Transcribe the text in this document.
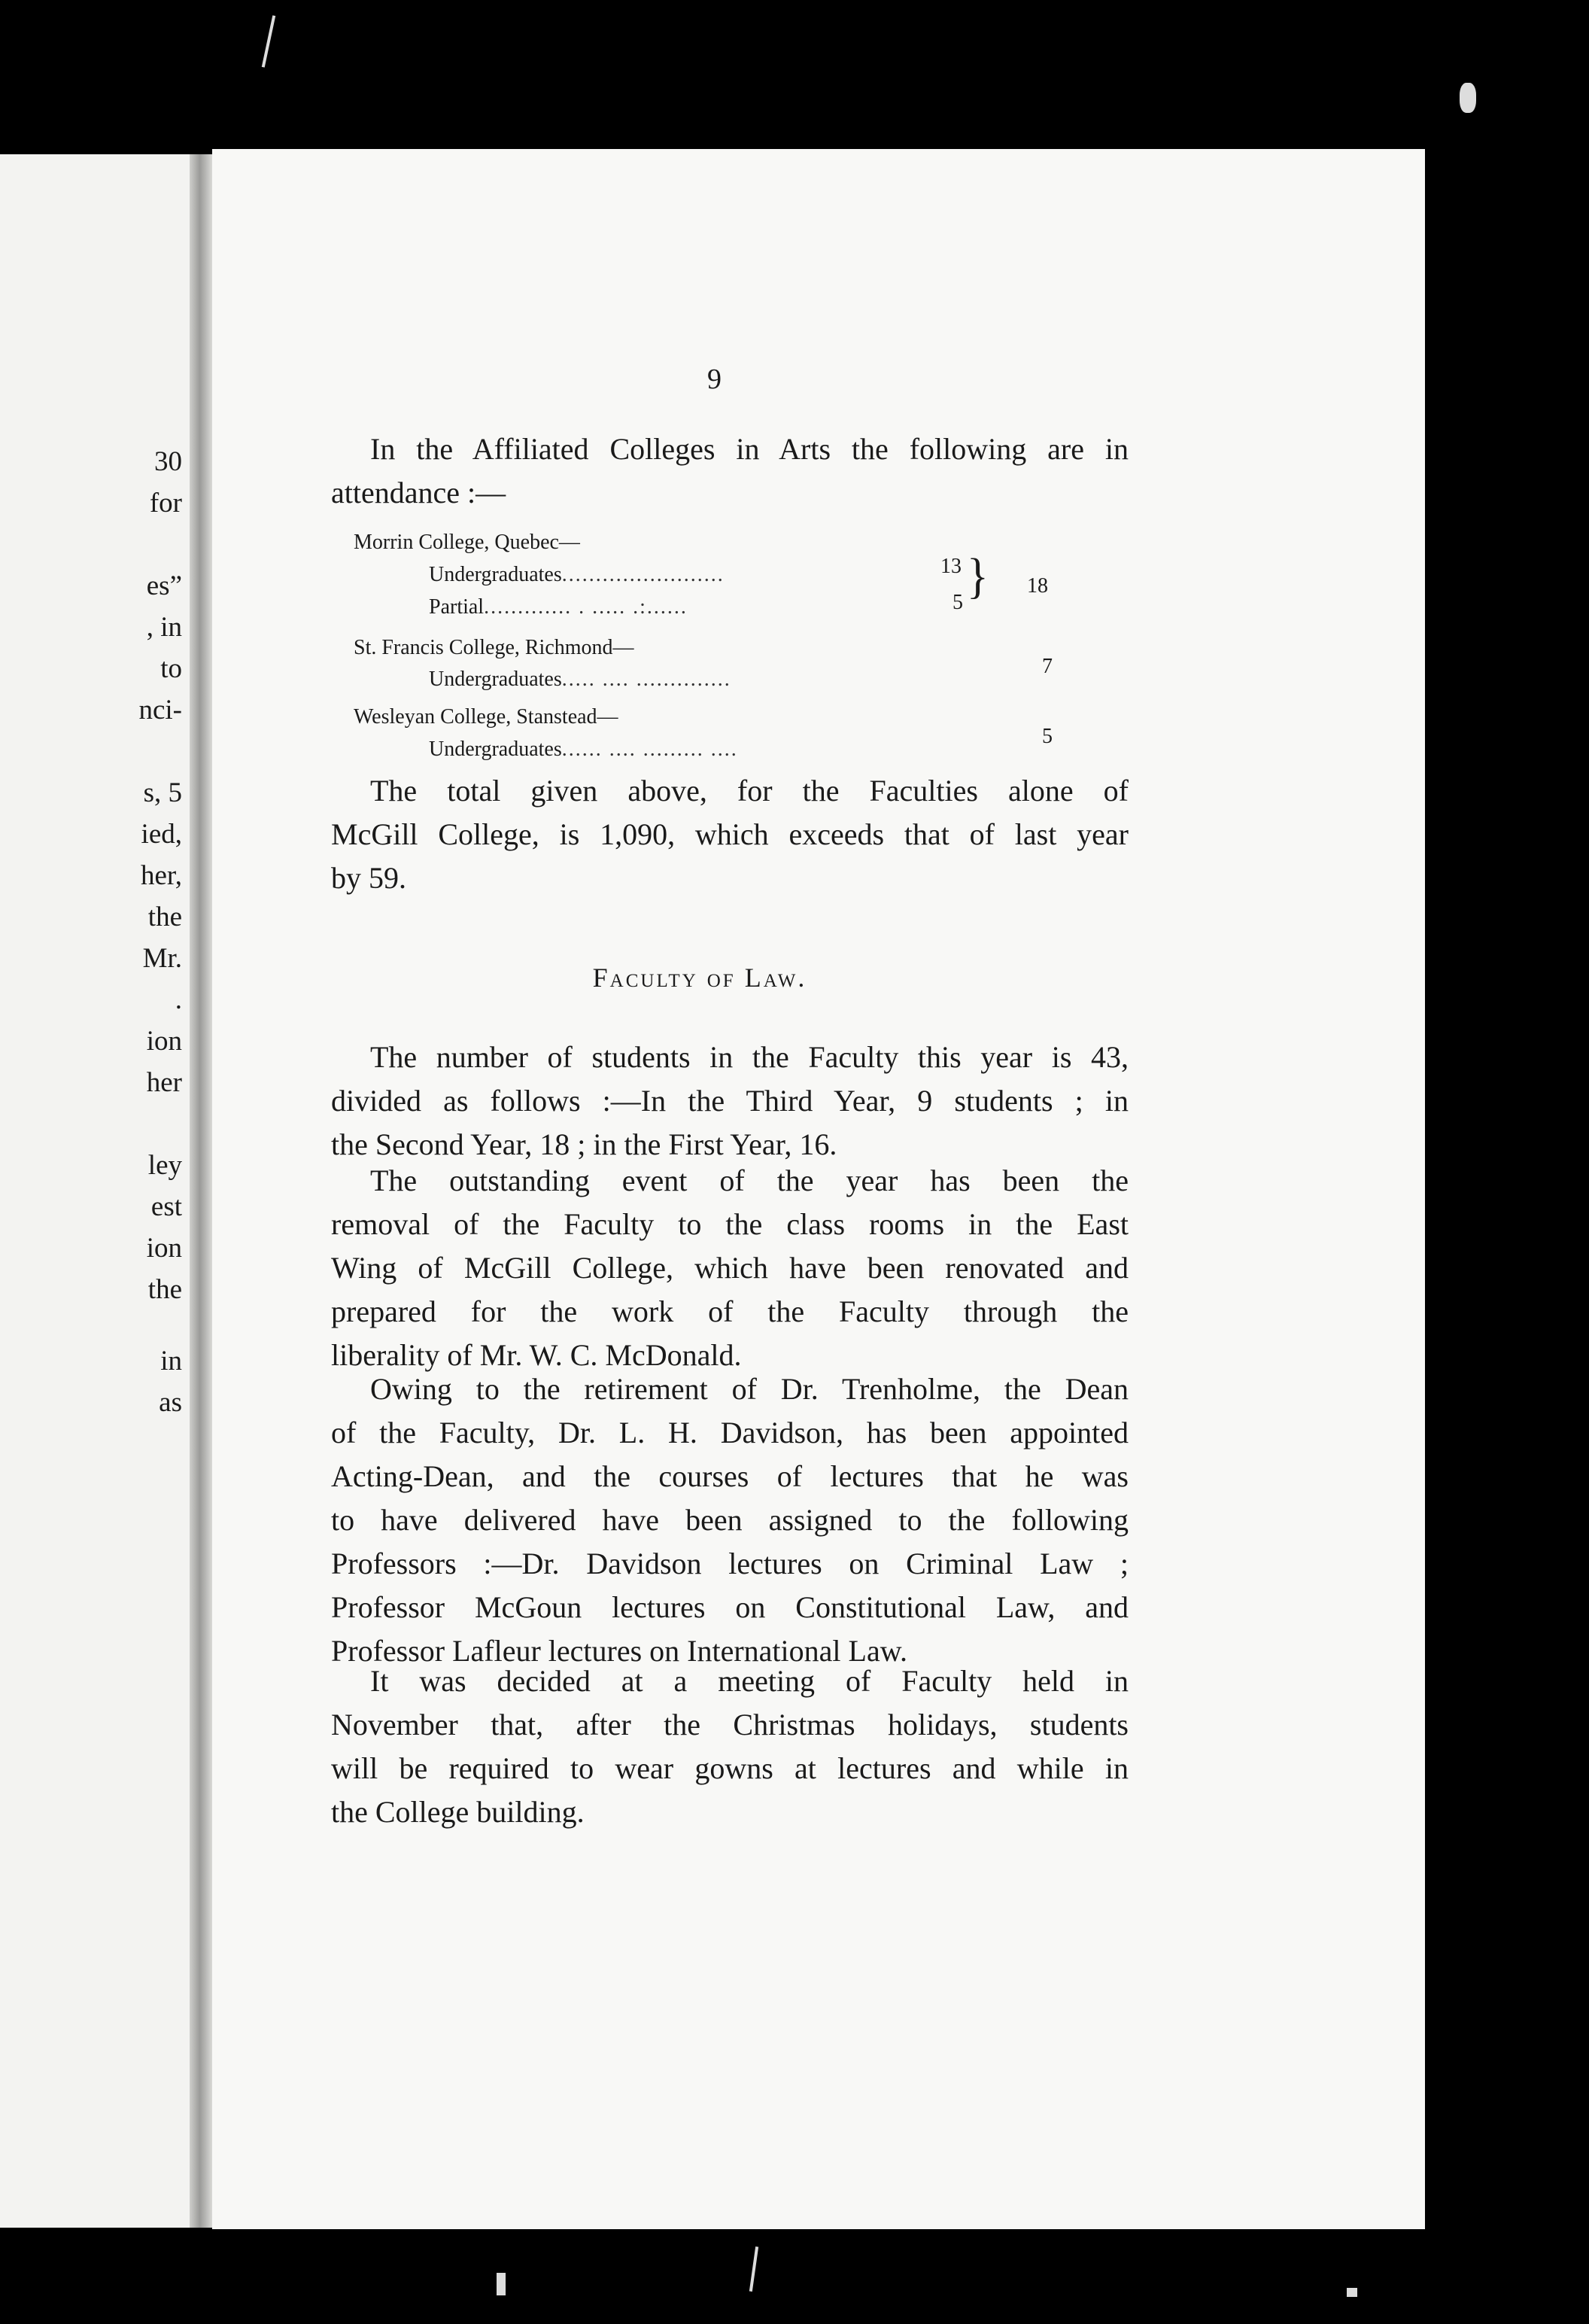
30
for
es”
, in
to
nci-
s, 5
ied,
her,
the
Mr.
.
ion
her
ley
est
ion
the
in
as
9

In the Affiliated Colleges in Arts the following are in
attendance :—

Morrin College, Quebec—
Undergraduates........................	13
Partial............. . ..... .:......	5 } 18
St. Francis College, Richmond—
Undergraduates..... .... ..............
7
Wesleyan College, Stanstead—
Undergraduates...... .... ......... ....
5

The total given above, for the Faculties alone of
McGill College, is 1,090, which exceeds that of last year
by 59.

Faculty of Law.

The number of students in the Faculty this year is 43,
divided as follows :—In the Third Year, 9 students ; in
the Second Year, 18 ; in the First Year, 16.

The outstanding event of the year has been the
removal of the Faculty to the class rooms in the East
Wing of McGill College, which have been renovated and
prepared for the work of the Faculty through the
liberality of Mr. W. C. McDonald.

Owing to the retirement of Dr. Trenholme, the Dean
of the Faculty, Dr. L. H. Davidson, has been appointed
Acting-Dean, and the courses of lectures that he was
to have delivered have been assigned to the following
Professors :—Dr. Davidson lectures on Criminal Law ;
Professor McGoun lectures on Constitutional Law, and
Professor Lafleur lectures on International Law.

It was decided at a meeting of Faculty held in
November that, after the Christmas holidays, students
will be required to wear gowns at lectures and while in
the College building.
